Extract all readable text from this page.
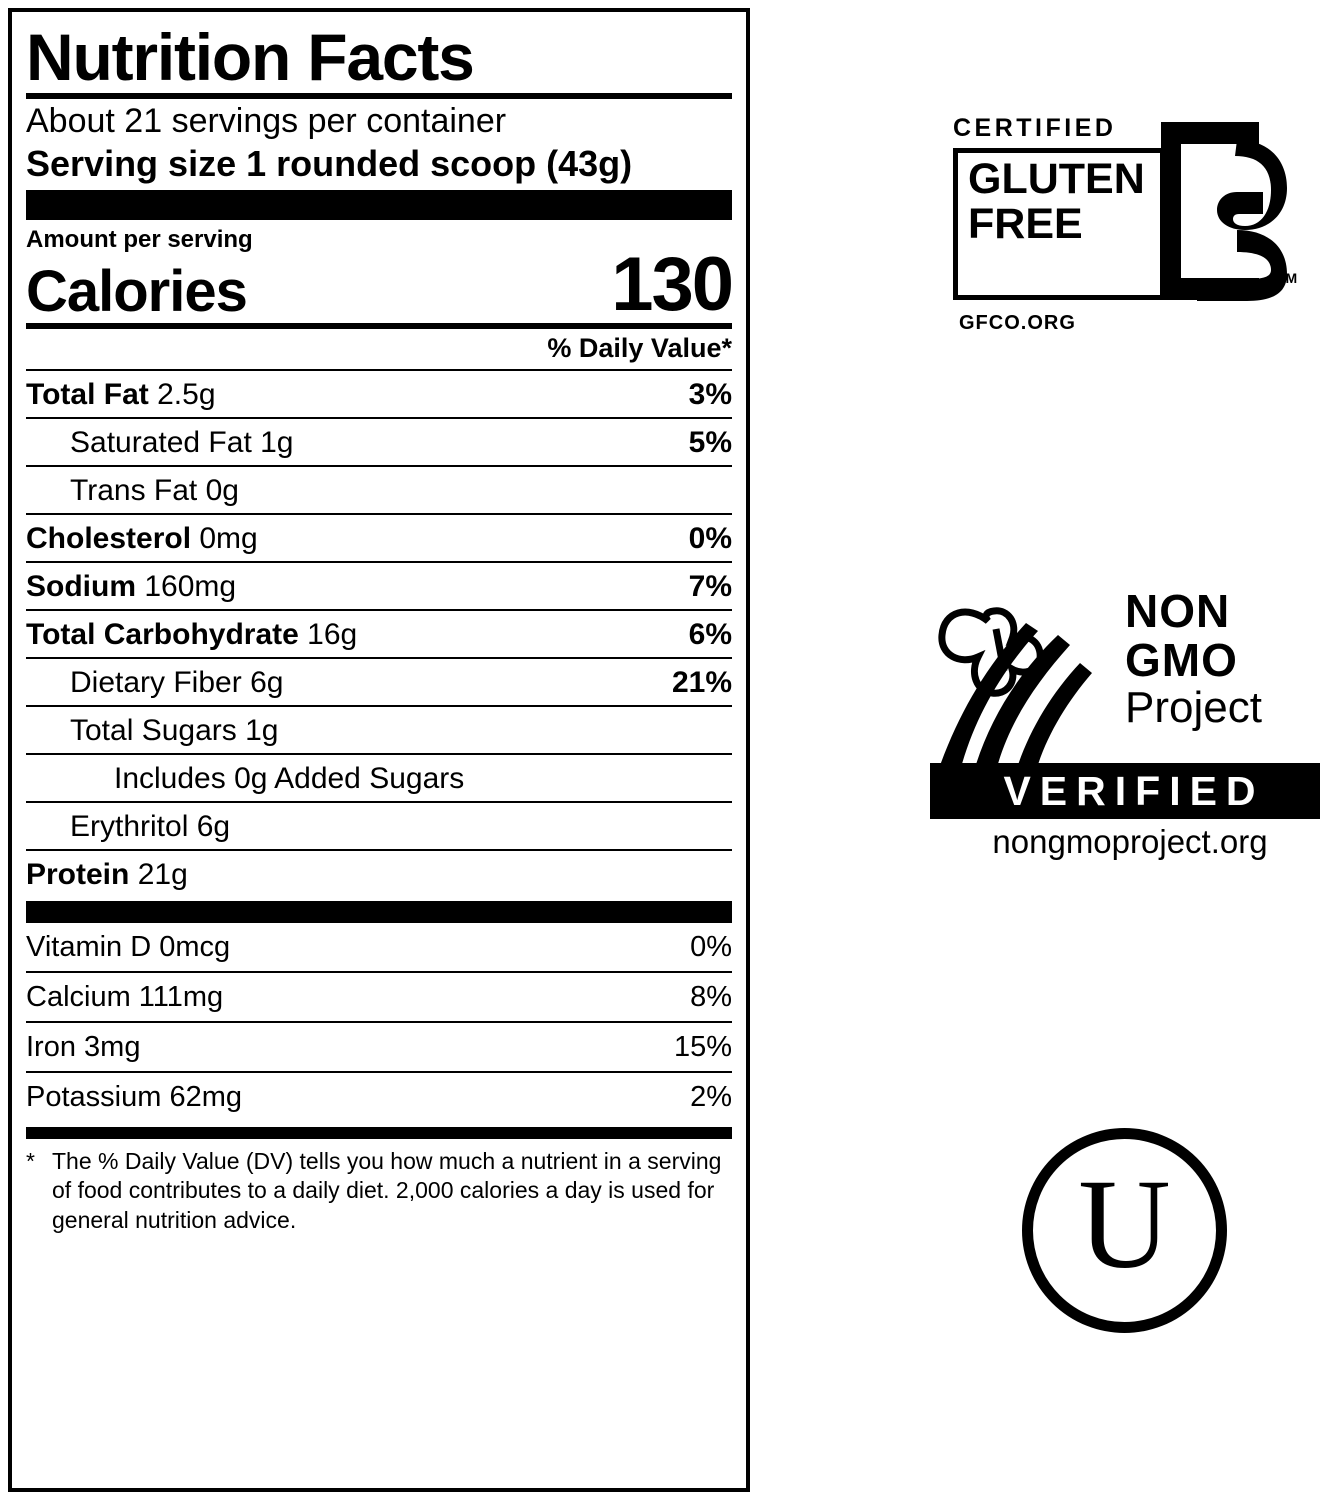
Nutrition Facts
About 21 servings per container
Serving size 1 rounded scoop (43g)
Amount per serving
Calories	130
% Daily Value*
Total Fat 2.5g	3%
Saturated Fat 1g	5%
Trans Fat 0g
Cholesterol 0mg	0%
Sodium 160mg	7%
Total Carbohydrate 16g	6%
Dietary Fiber 6g	21%
Total Sugars 1g
Includes 0g Added Sugars
Erythritol 6g
Protein 21g
Vitamin D 0mcg	0%
Calcium 111mg	8%
Iron 3mg	15%
Potassium 62mg	2%
* The % Daily Value (DV) tells you how much a nutrient in a serving of food contributes to a daily diet. 2,000 calories a day is used for general nutrition advice.
CERTIFIED
GLUTEN
FREE
TM
GFCO.ORG
NON
GMO
Project
VERIFIED
nongmoproject.org
U
